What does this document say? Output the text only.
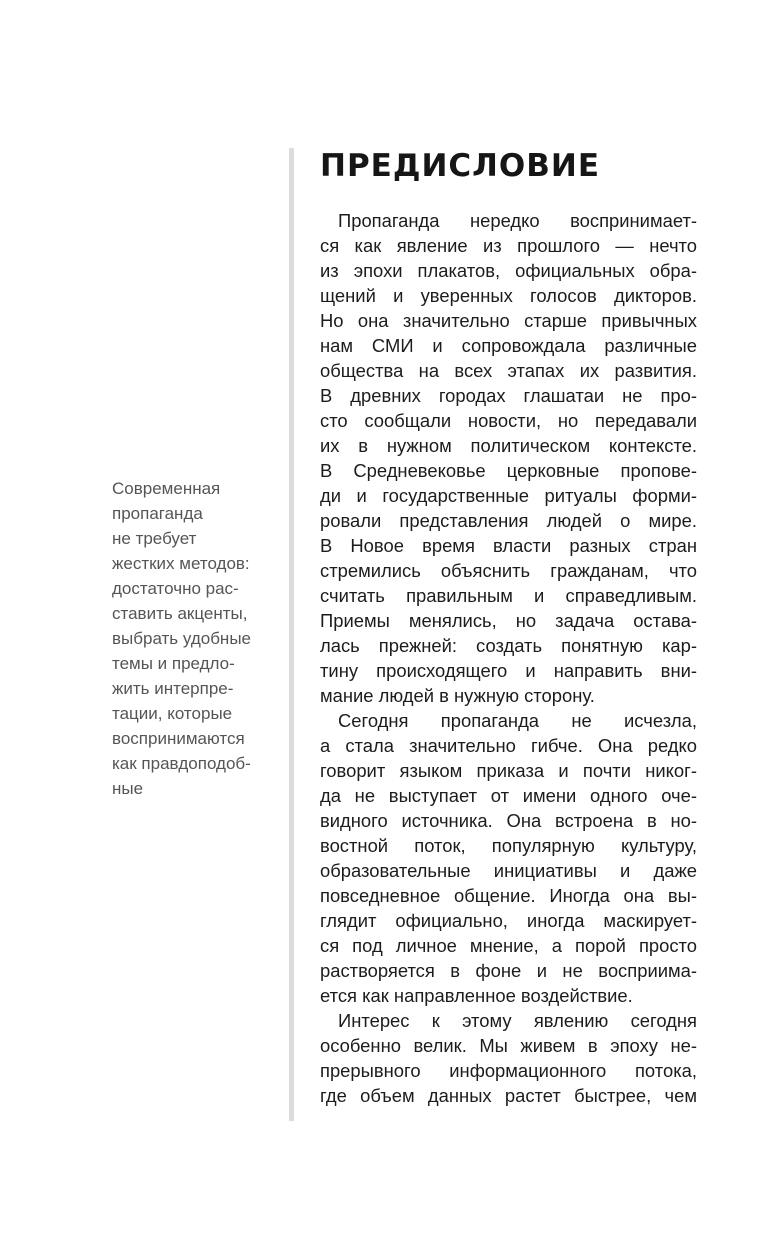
Современная
пропаганда
не требует
жестких методов:
достаточно рас-
ставить акценты,
выбрать удобные
темы и предло-
жить интерпре-
тации, которые
воспринимаются
как правдоподоб-
ные
ПРЕДИСЛОВИЕ
Пропаганда нередко воспринимает-
ся как явление из прошлого — нечто
из эпохи плакатов, официальных обра-
щений и уверенных голосов дикторов.
Но она значительно старше привычных
нам СМИ и сопровождала различные
общества на всех этапах их развития.
В древних городах глашатаи не про-
сто сообщали новости, но передавали
их в нужном политическом контексте.
В Средневековье церковные пропове-
ди и государственные ритуалы форми-
ровали представления людей о мире.
В Новое время власти разных стран
стремились объяснить гражданам, что
считать правильным и справедливым.
Приемы менялись, но задача остава-
лась прежней: создать понятную кар-
тину происходящего и направить вни-
мание людей в нужную сторону.
Сегодня пропаганда не исчезла,
а стала значительно гибче. Она редко
говорит языком приказа и почти никог-
да не выступает от имени одного оче-
видного источника. Она встроена в но-
востной поток, популярную культуру,
образовательные инициативы и даже
повседневное общение. Иногда она вы-
глядит официально, иногда маскирует-
ся под личное мнение, а порой просто
растворяется в фоне и не восприима-
ется как направленное воздействие.
Интерес к этому явлению сегодня
особенно велик. Мы живем в эпоху не-
прерывного информационного потока,
где объем данных растет быстрее, чем
